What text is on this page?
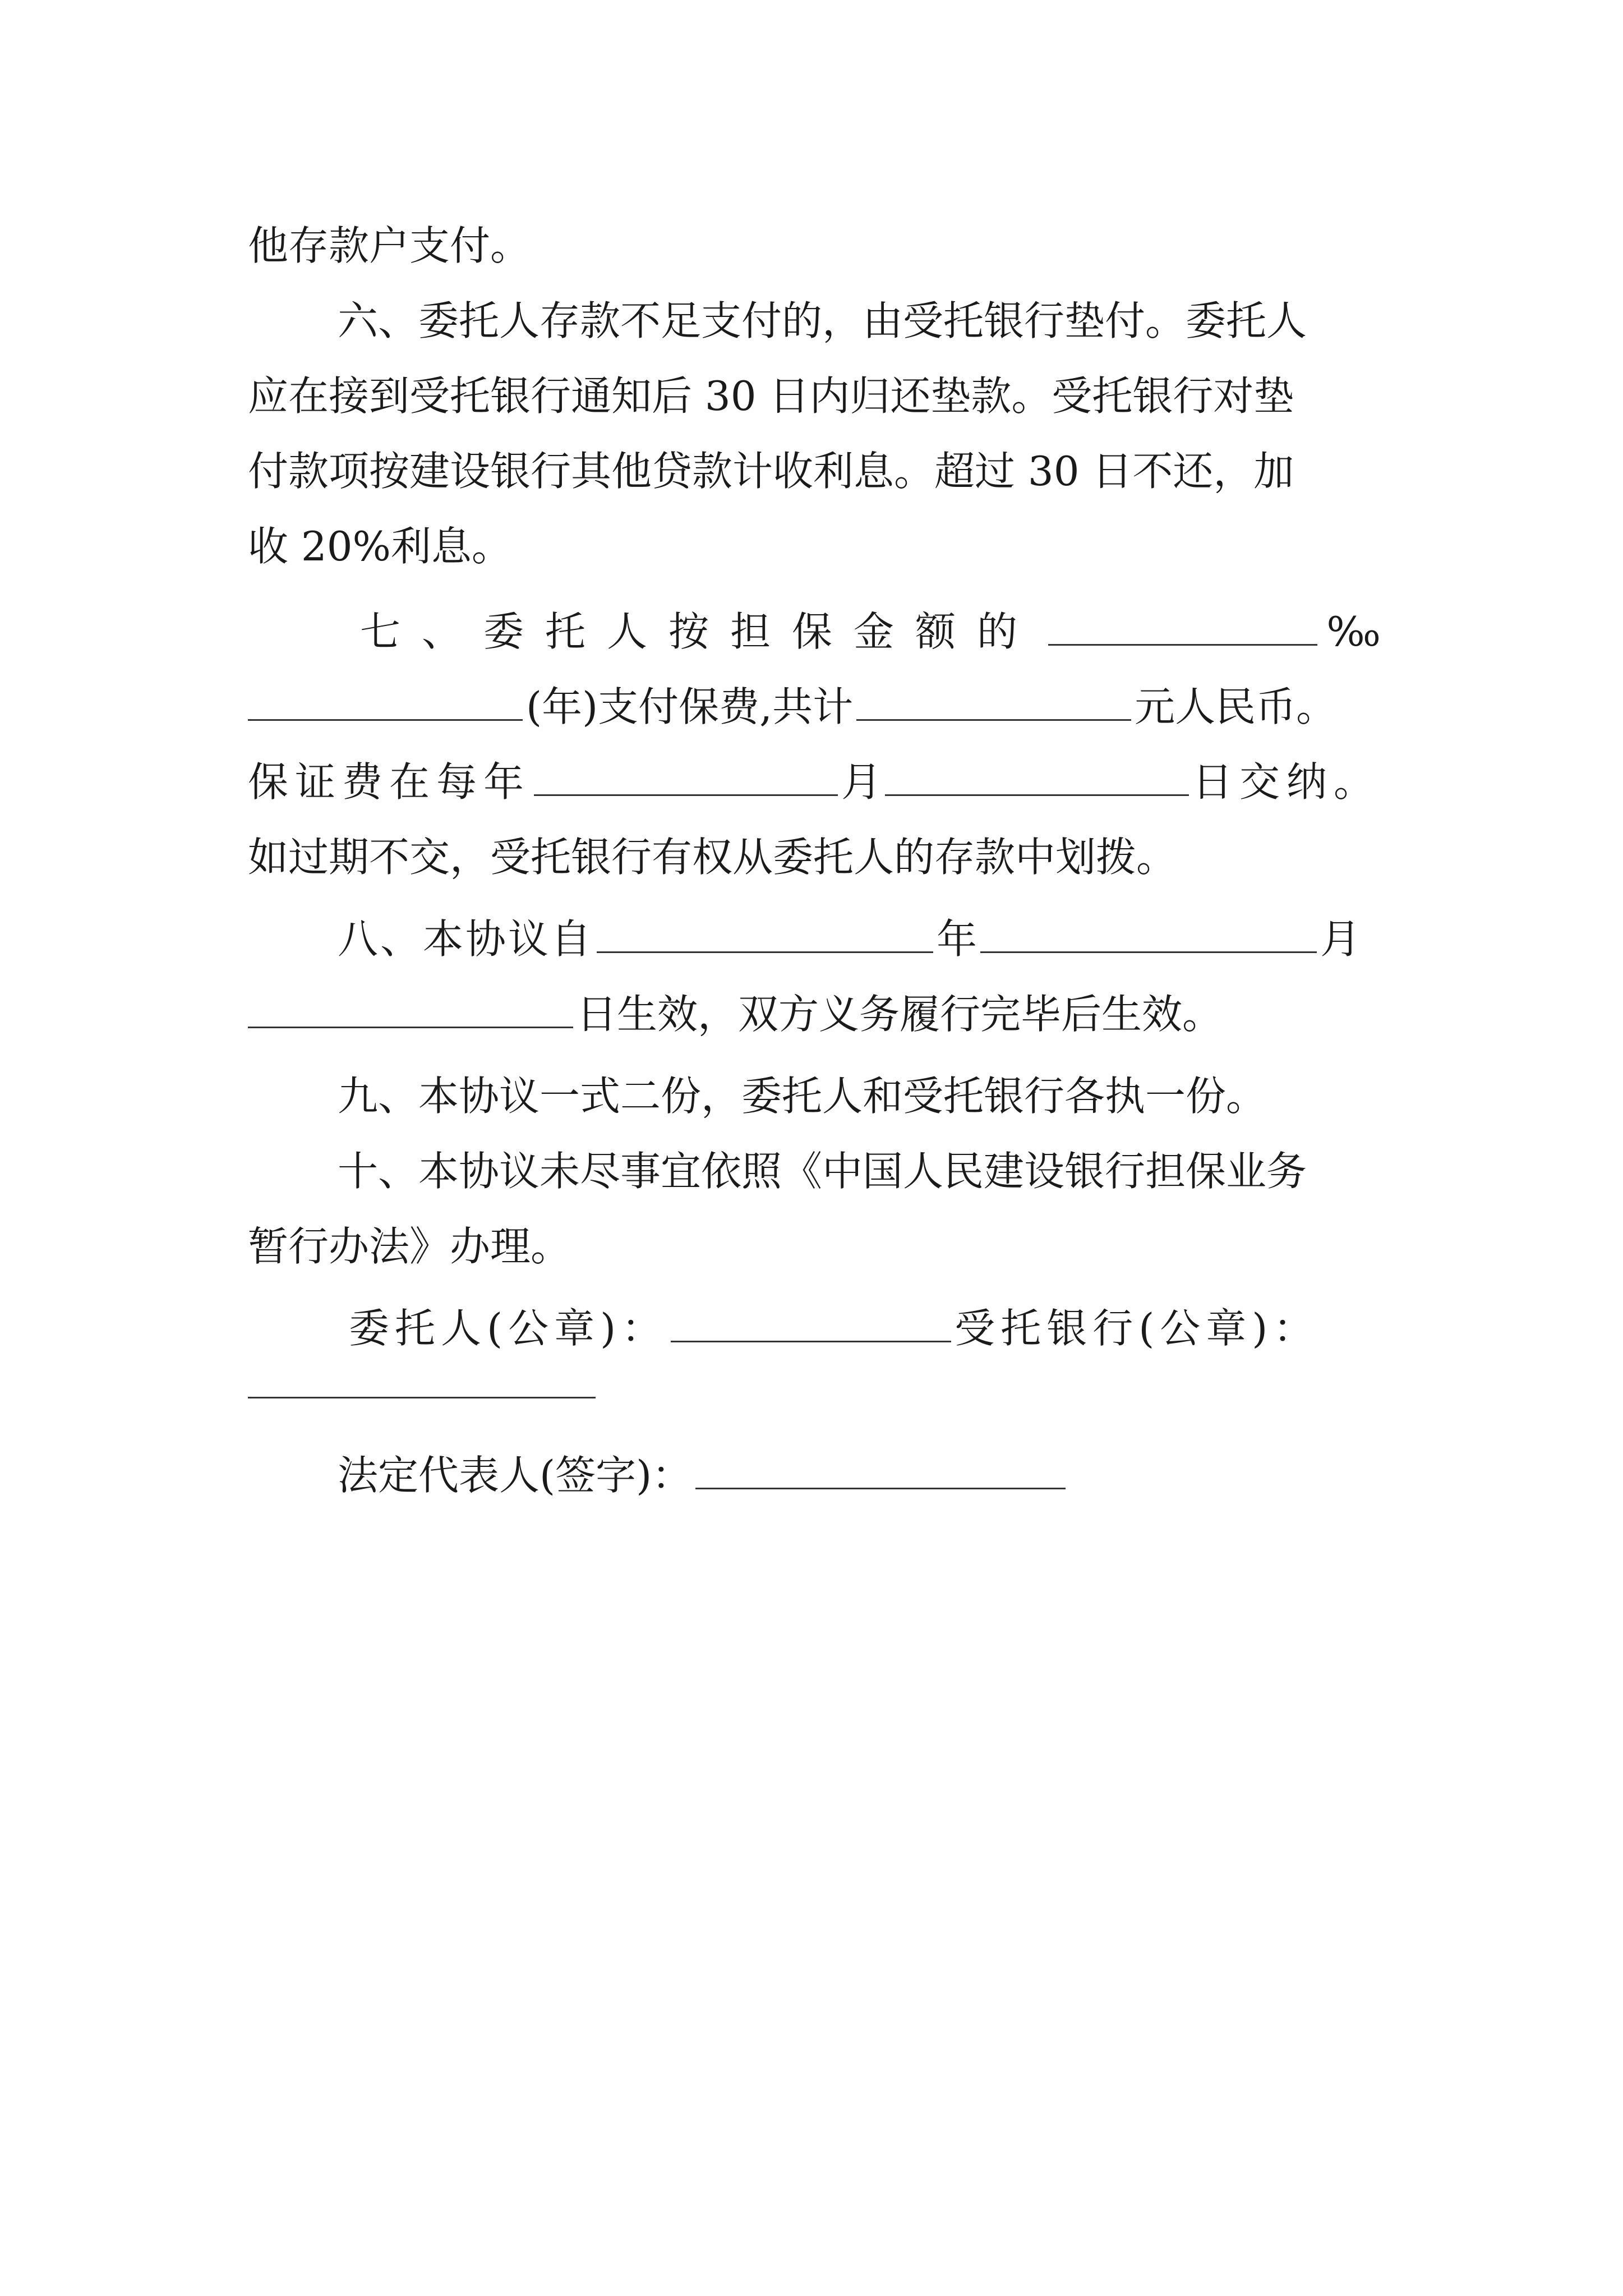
他存款户支付。
六、委托人存款不足支付的，由受托银行垫付。委托人
应在接到受托银行通知后 30 日内归还垫款。受托银行对垫
付款项按建设银行其他贷款计收利息。超过 30 日不还，加
收 20%利息。
七、委托人按担保金额的	‰
(年)支付保费,共计	元人民币。
保证费在每年	月	日交纳。
如过期不交，受托银行有权从委托人的存款中划拨。
八、本协议自	年	月
日生效，双方义务履行完毕后生效。
九、本协议一式二份，委托人和受托银行各执一份。
十、本协议未尽事宜依照《中国人民建设银行担保业务
暂行办法》办理。
委托人(公章)：	受托银行(公章)：
法定代表人(签字)：
